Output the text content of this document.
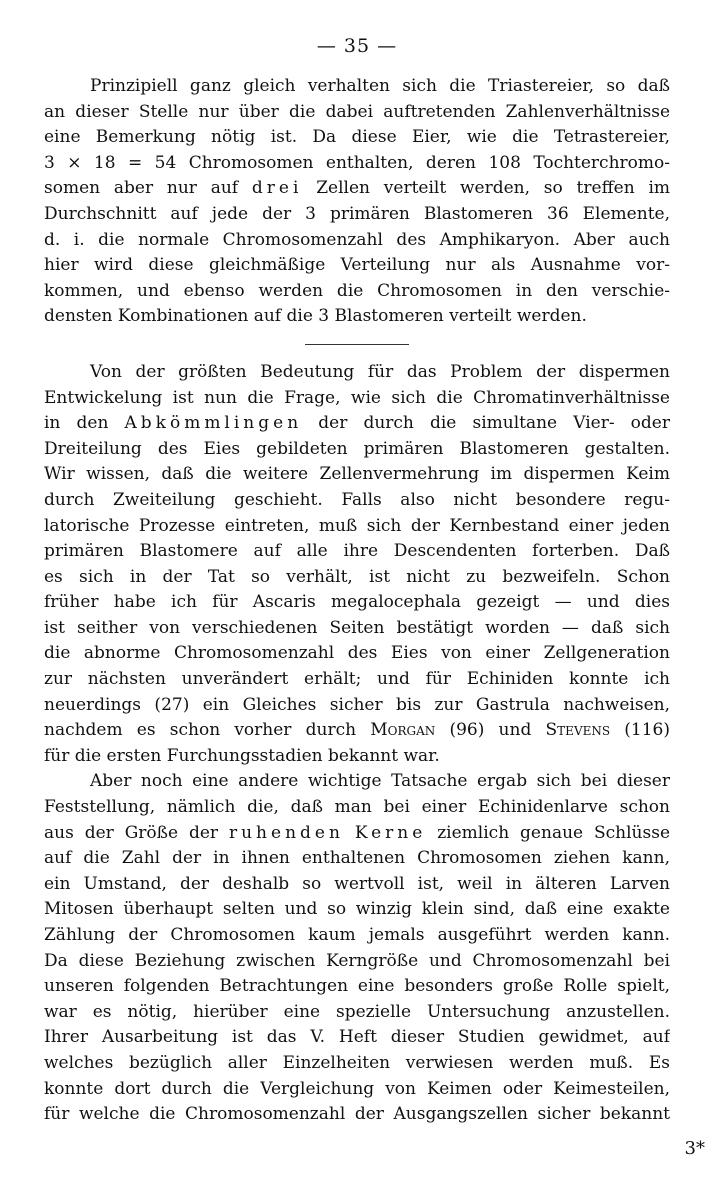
— 35 —
Prinzipiell ganz gleich verhalten sich die Triastereier, so daß
an dieser Stelle nur über die dabei auftretenden Zahlenverhältnisse
eine Bemerkung nötig ist. Da diese Eier, wie die Tetrastereier,
3 × 18 = 54 Chromosomen enthalten, deren 108 Tochterchromo-
somen aber nur auf drei Zellen verteilt werden, so treffen im
Durchschnitt auf jede der 3 primären Blastomeren 36 Elemente,
d. i. die normale Chromosomenzahl des Amphikaryon. Aber auch
hier wird diese gleichmäßige Verteilung nur als Ausnahme vor-
kommen, und ebenso werden die Chromosomen in den verschie-
densten Kombinationen auf die 3 Blastomeren verteilt werden.
Von der größten Bedeutung für das Problem der dispermen
Entwickelung ist nun die Frage, wie sich die Chromatinverhältnisse
in den Abkömmlingen der durch die simultane Vier- oder
Dreiteilung des Eies gebildeten primären Blastomeren gestalten.
Wir wissen, daß die weitere Zellenvermehrung im dispermen Keim
durch Zweiteilung geschieht. Falls also nicht besondere regu-
latorische Prozesse eintreten, muß sich der Kernbestand einer jeden
primären Blastomere auf alle ihre Descendenten forterben. Daß
es sich in der Tat so verhält, ist nicht zu bezweifeln. Schon
früher habe ich für Ascaris megalocephala gezeigt — und dies
ist seither von verschiedenen Seiten bestätigt worden — daß sich
die abnorme Chromosomenzahl des Eies von einer Zellgeneration
zur nächsten unverändert erhält; und für Echiniden konnte ich
neuerdings (27) ein Gleiches sicher bis zur Gastrula nachweisen,
nachdem es schon vorher durch Morgan (96) und Stevens (116)
für die ersten Furchungsstadien bekannt war.
Aber noch eine andere wichtige Tatsache ergab sich bei dieser
Feststellung, nämlich die, daß man bei einer Echinidenlarve schon
aus der Größe der ruhenden Kerne ziemlich genaue Schlüsse
auf die Zahl der in ihnen enthaltenen Chromosomen ziehen kann,
ein Umstand, der deshalb so wertvoll ist, weil in älteren Larven
Mitosen überhaupt selten und so winzig klein sind, daß eine exakte
Zählung der Chromosomen kaum jemals ausgeführt werden kann.
Da diese Beziehung zwischen Kerngröße und Chromosomenzahl bei
unseren folgenden Betrachtungen eine besonders große Rolle spielt,
war es nötig, hierüber eine spezielle Untersuchung anzustellen.
Ihrer Ausarbeitung ist das V. Heft dieser Studien gewidmet, auf
welches bezüglich aller Einzelheiten verwiesen werden muß. Es
konnte dort durch die Vergleichung von Keimen oder Keimesteilen,
für welche die Chromosomenzahl der Ausgangszellen sicher bekannt
3*
